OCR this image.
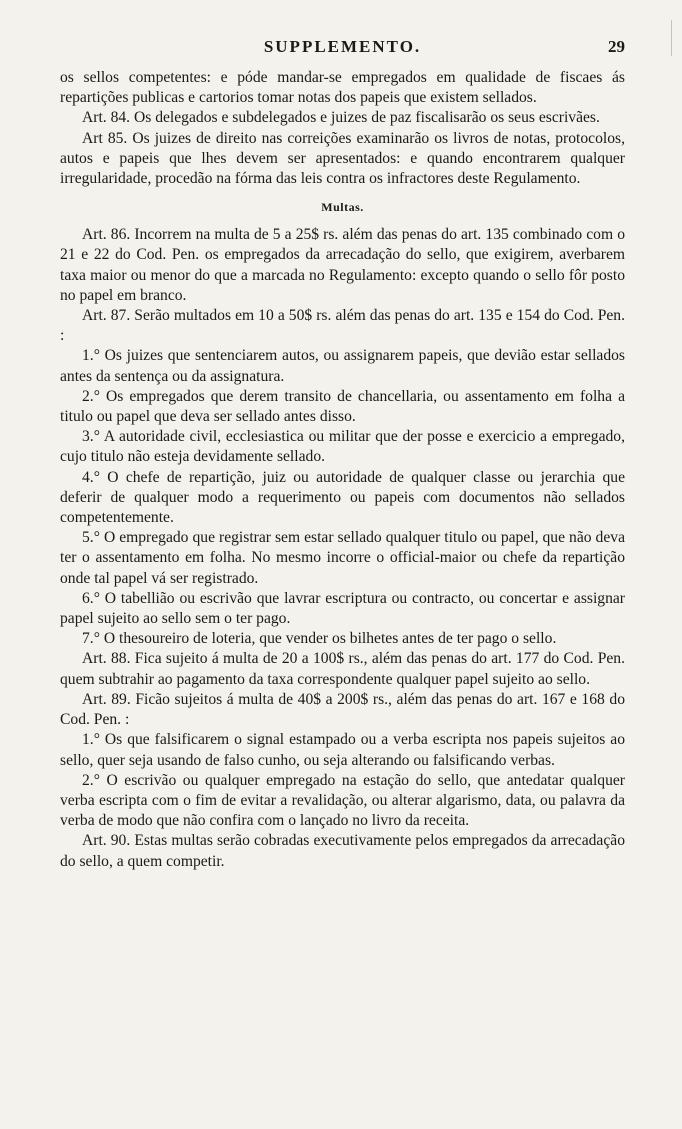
SUPPLEMENTO.	29

os sellos competentes: e póde mandar-se empregados em qualidade de fiscaes ás repartições publicas e cartorios tomar notas dos papeis que existem sellados.

Art. 84. Os delegados e subdelegados e juizes de paz fiscalisarão os seus escrivães.

Art 85. Os juizes de direito nas correições examinarão os livros de notas, protocolos, autos e papeis que lhes devem ser apresentados: e quando encontrarem qualquer irregularidade, procedão na fórma das leis contra os infractores deste Regulamento.

Multas.

Art. 86. Incorrem na multa de 5 a 25$ rs. além das penas do art. 135 combinado com o 21 e 22 do Cod. Pen. os empregados da arrecadação do sello, que exigirem, averbarem taxa maior ou menor do que a marcada no Regulamento: excepto quando o sello fôr posto no papel em branco.

Art. 87. Serão multados em 10 a 50$ rs. além das penas do art. 135 e 154 do Cod. Pen. :

1.° Os juizes que sentenciarem autos, ou assignarem papeis, que devião estar sellados antes da sentença ou da assignatura.

2.° Os empregados que derem transito de chancellaria, ou assentamento em folha a titulo ou papel que deva ser sellado antes disso.

3.° A autoridade civil, ecclesiastica ou militar que der posse e exercicio a empregado, cujo titulo não esteja devidamente sellado.

4.° O chefe de repartição, juiz ou autoridade de qualquer classe ou jerarchia que deferir de qualquer modo a requerimento ou papeis com documentos não sellados competentemente.

5.° O empregado que registrar sem estar sellado qualquer titulo ou papel, que não deva ter o assentamento em folha. No mesmo incorre o official-maior ou chefe da repartição onde tal papel vá ser registrado.

6.° O tabellião ou escrivão que lavrar escriptura ou contracto, ou concertar e assignar papel sujeito ao sello sem o ter pago.

7.° O thesoureiro de loteria, que vender os bilhetes antes de ter pago o sello.

Art. 88. Fica sujeito á multa de 20 a 100$ rs., além das penas do art. 177 do Cod. Pen. quem subtrahir ao pagamento da taxa correspondente qualquer papel sujeito ao sello.

Art. 89. Ficão sujeitos á multa de 40$ a 200$ rs., além das penas do art. 167 e 168 do Cod. Pen. :

1.° Os que falsificarem o signal estampado ou a verba escripta nos papeis sujeitos ao sello, quer seja usando de falso cunho, ou seja alterando ou falsificando verbas.

2.° O escrivão ou qualquer empregado na estação do sello, que antedatar qualquer verba escripta com o fim de evitar a revalidação, ou alterar algarismo, data, ou palavra da verba de modo que não confira com o lançado no livro da receita.

Art. 90. Estas multas serão cobradas executivamente pelos empregados da arrecadação do sello, a quem competir.
